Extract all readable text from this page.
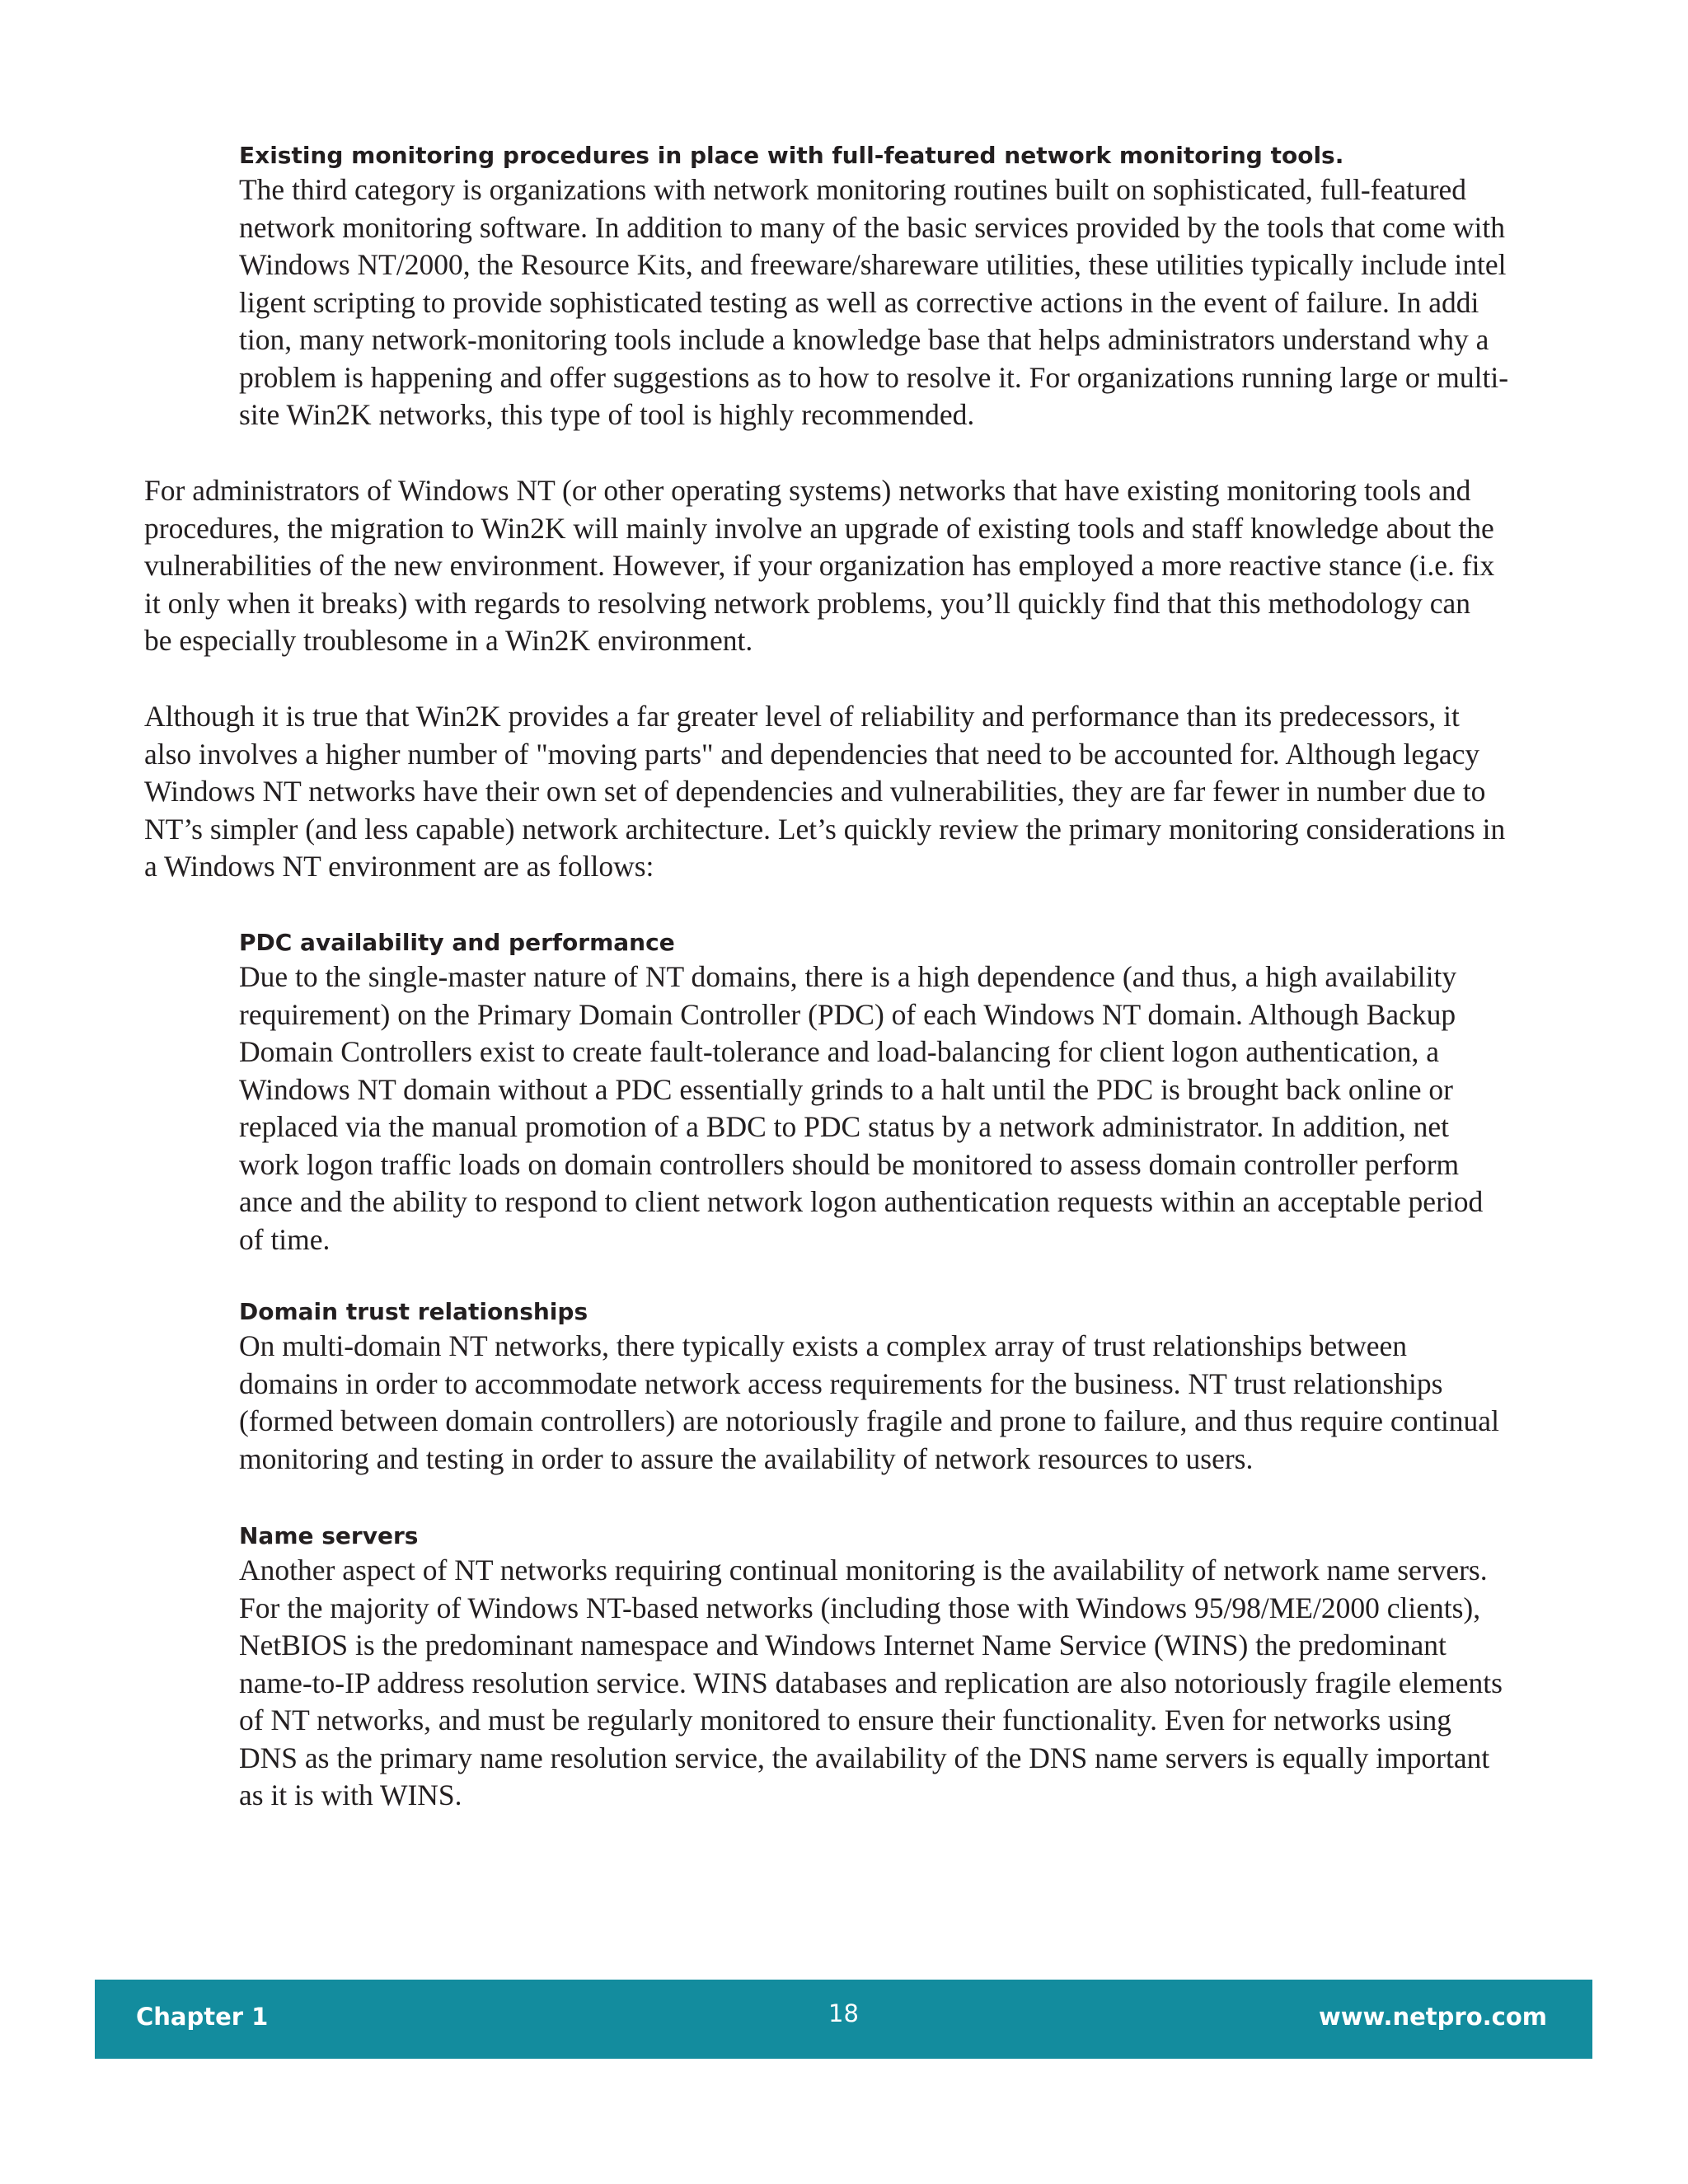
Existing monitoring procedures in place with full-featured network monitoring tools.

The third category is organizations with network monitoring routines built on sophisticated, full-featured
network monitoring software. In addition to many of the basic services provided by the tools that come with
Windows NT/2000, the Resource Kits, and freeware/shareware utilities, these utilities typically include intel
ligent scripting to provide sophisticated testing as well as corrective actions in the event of failure. In addi
tion, many network-monitoring tools include a knowledge base that helps administrators understand why a
problem is happening and offer suggestions as to how to resolve it. For organizations running large or multi-
site Win2K networks, this type of tool is highly recommended.
For administrators of Windows NT (or other operating systems) networks that have existing monitoring tools and
procedures, the migration to Win2K will mainly involve an upgrade of existing tools and staff knowledge about the
vulnerabilities of the new environment. However, if your organization has employed a more reactive stance (i.e. fix
it only when it breaks) with regards to resolving network problems, you’ll quickly find that this methodology can
be especially troublesome in a Win2K environment.
Although it is true that Win2K provides a far greater level of reliability and performance than its predecessors, it
also involves a higher number of "moving parts" and dependencies that need to be accounted for. Although legacy
Windows NT networks have their own set of dependencies and vulnerabilities, they are far fewer in number due to
NT’s simpler (and less capable) network architecture. Let’s quickly review the primary monitoring considerations in
a Windows NT environment are as follows:

PDC availability and performance

Due to the single-master nature of NT domains, there is a high dependence (and thus, a high availability
requirement) on the Primary Domain Controller (PDC) of each Windows NT domain. Although Backup
Domain Controllers exist to create fault-tolerance and load-balancing for client logon authentication, a
Windows NT domain without a PDC essentially grinds to a halt until the PDC is brought back online or
replaced via the manual promotion of a BDC to PDC status by a network administrator. In addition, net
work logon traffic loads on domain controllers should be monitored to assess domain controller perform
ance and the ability to respond to client network logon authentication requests within an acceptable period
of time.

Domain trust relationships

On multi-domain NT networks, there typically exists a complex array of trust relationships between
domains in order to accommodate network access requirements for the business. NT trust relationships
(formed between domain controllers) are notoriously fragile and prone to failure, and thus require continual
monitoring and testing in order to assure the availability of network resources to users.

Name servers

Another aspect of NT networks requiring continual monitoring is the availability of network name servers.
For the majority of Windows NT-based networks (including those with Windows 95/98/ME/2000 clients),
NetBIOS is the predominant namespace and Windows Internet Name Service (WINS) the predominant
name-to-IP address resolution service. WINS databases and replication are also notoriously fragile elements
of NT networks, and must be regularly monitored to ensure their functionality. Even for networks using
DNS as the primary name resolution service, the availability of the DNS name servers is equally important
as it is with WINS.
Chapter 1	18	www.netpro.com
